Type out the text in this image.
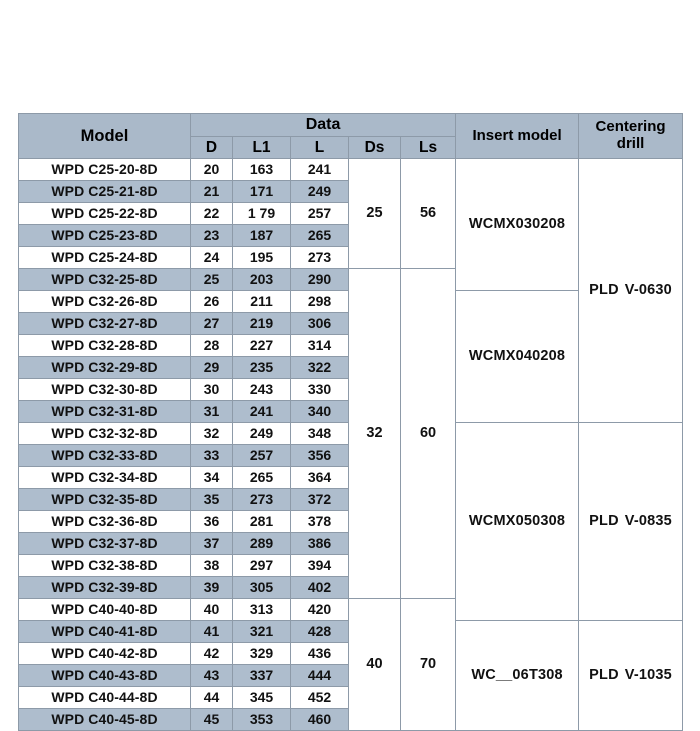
Model	Data					Insert model	Centering
drill
	D	L1	L	Ds	Ls		
WPD C25-20-8D	20	163	241	25	56	WCMX030208	PLD V-0630
WPD C25-21-8D	21	171	249				
WPD C25-22-8D	22	1 79	257				
WPD C25-23-8D	23	187	265				
WPD C25-24-8D	24	195	273				
WPD C32-25-8D	25	203	290	32	60		
WPD C32-26-8D	26	211	298			WCMX040208	
WPD C32-27-8D	27	219	306				
WPD C32-28-8D	28	227	314				
WPD C32-29-8D	29	235	322				
WPD C32-30-8D	30	243	330				
WPD C32-31-8D	31	241	340				
WPD C32-32-8D	32	249	348			WCMX050308	PLD V-0835
WPD C32-33-8D	33	257	356				
WPD C32-34-8D	34	265	364				
WPD C32-35-8D	35	273	372				
WPD C32-36-8D	36	281	378				
WPD C32-37-8D	37	289	386				
WPD C32-38-8D	38	297	394				
WPD C32-39-8D	39	305	402				
WPD C40-40-8D	40	313	420	40	70		
WPD C40-41-8D	41	321	428			WC__06T308	PLD V-1035
WPD C40-42-8D	42	329	436				
WPD C40-43-8D	43	337	444				
WPD C40-44-8D	44	345	452				
WPD C40-45-8D	45	353	460				
